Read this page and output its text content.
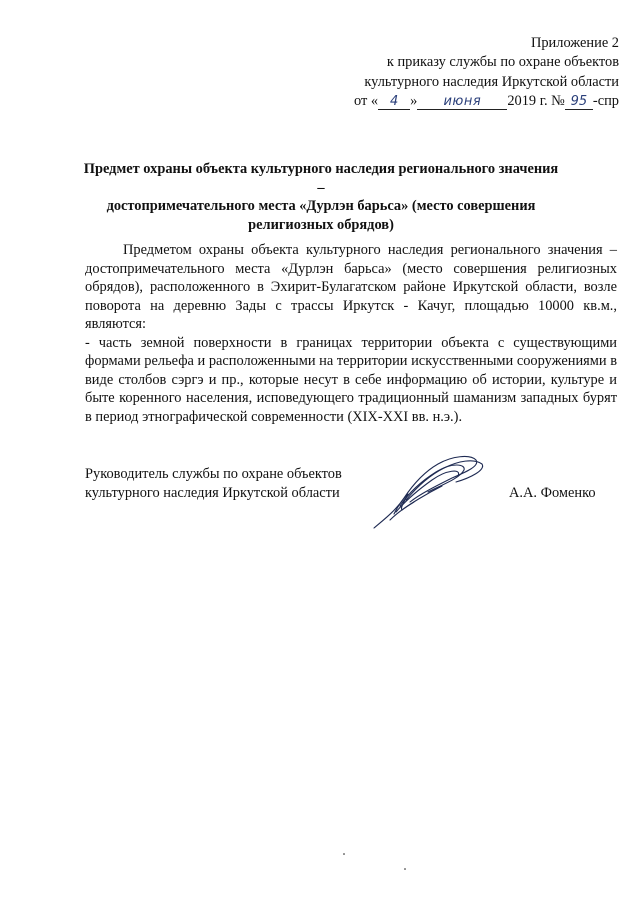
Приложение 2
к приказу службы по охране объектов
культурного наследия Иркутской области
от « 4 » июня 2019 г. № 95 -спр
Предмет охраны объекта культурного наследия регионального значения –
достопримечательного места «Дурлэн барьса» (место совершения
религиозных обрядов)

Предметом охраны объекта культурного наследия регионального значения – достопримечательного места «Дурлэн барьса» (место совершения религиозных обрядов), расположенного в Эхирит-Булагатском районе Иркутской области, возле поворота на деревню Зады с трассы Иркутск - Качуг, площадью 10000 кв.м., являются:

- часть земной поверхности в границах территории объекта с существующими формами рельефа и расположенными на территории искусственными сооружениями в виде столбов сэргэ и пр., которые несут в себе информацию об истории, культуре и быте коренного населения, исповедующего традиционный шаманизм западных бурят в период этнографической современности (XIX-XXI вв. н.э.).

Руководитель службы по охране объектов
культурного наследия Иркутской области	А.А. Фоменко
